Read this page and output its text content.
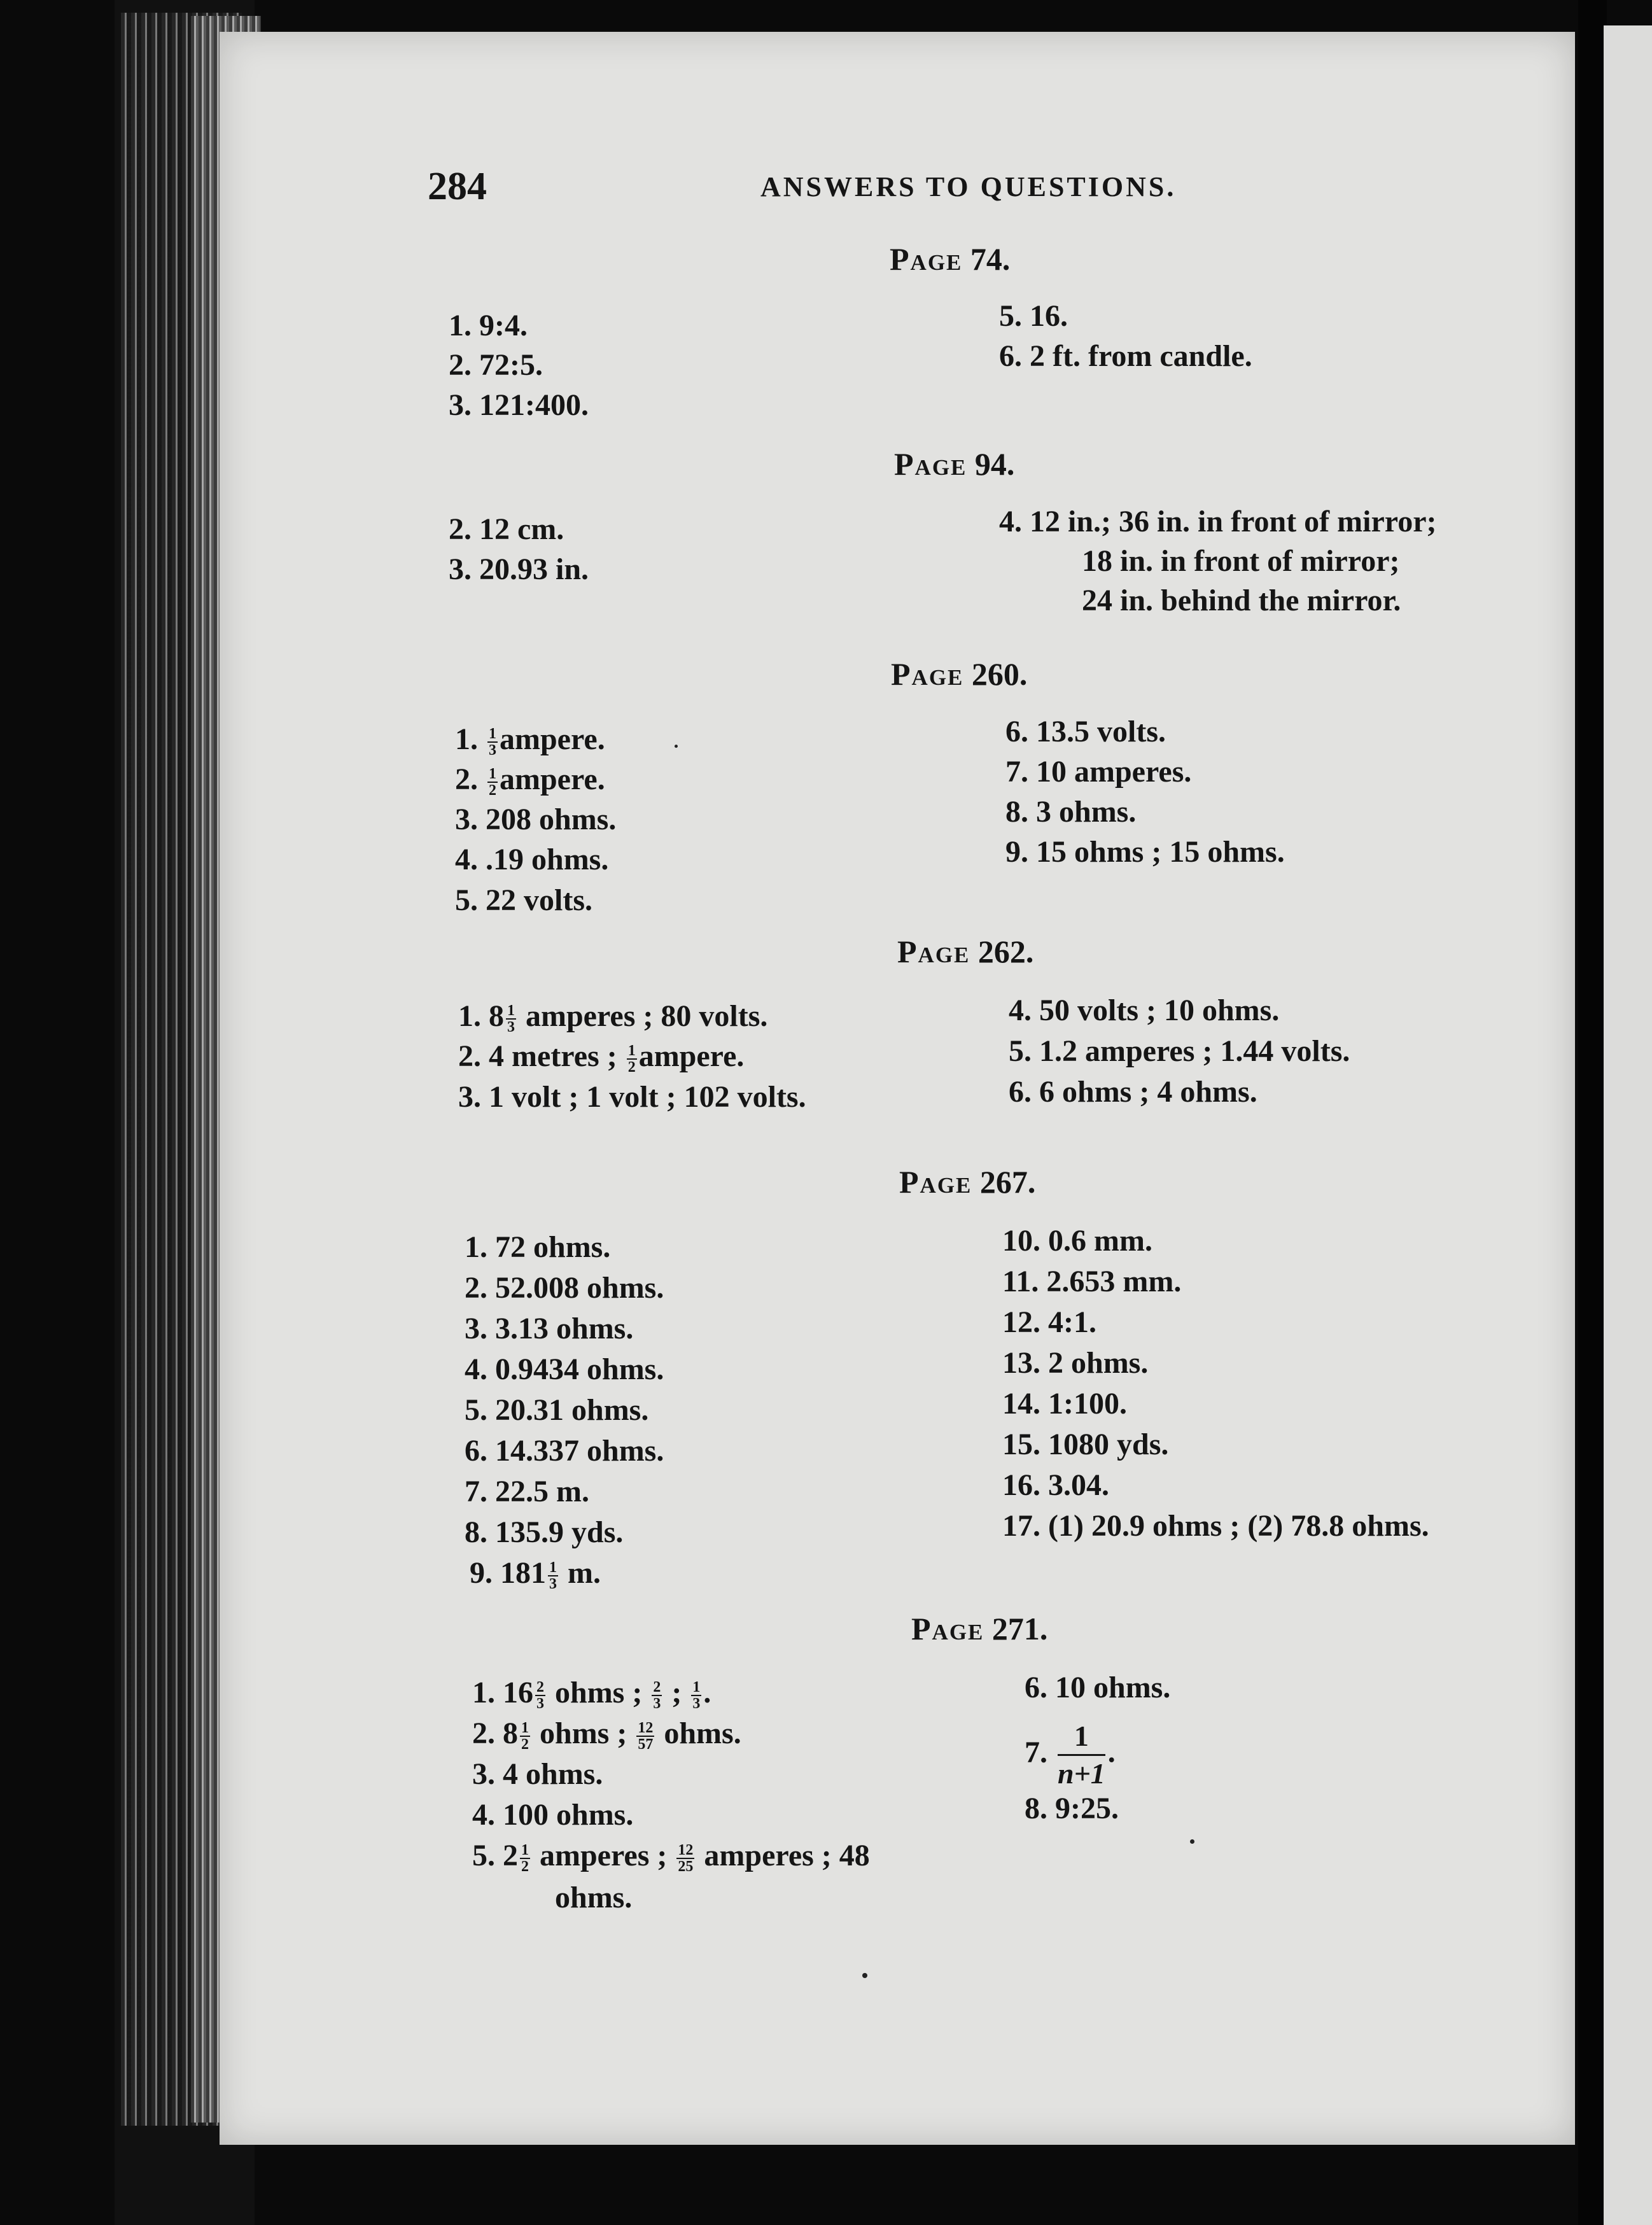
284	ANSWERS TO QUESTIONS.
Page 74.
1. 9:4.
2. 72:5.
3. 121:400.
5. 16.
6. 2 ft. from candle.
Page 94.
2. 12 cm.
3. 20.93 in.
4. 12 in.; 36 in. in front of mirror;
18 in. in front of mirror;
24 in. behind the mirror.
Page 260.
1. $\frac{1}{3}$ ampere.
2. $\frac{1}{2}$ ampere.
3. 208 ohms.
4. .19 ohms.
5. 22 volts.
6. 13.5 volts.
7. 10 amperes.
8. 3 ohms.
9. 15 ohms ; 15 ohms.
Page 262.
1. $8 \frac{1}{3}$ amperes ; 80 volts.
2. 4 metres ; $\frac{1}{2}$ ampere.
3. 1 volt ; 1 volt ; 102 volts.
4. 50 volts ; 10 ohms.
5. 1.2 amperes ; 1.44 volts.
6. 6 ohms ; 4 ohms.
Page 267.
1. 72 ohms.
2. 52.008 ohms.
3. 3.13 ohms.
4. 0.9434 ohms.
5. 20.31 ohms.
6. 14.337 ohms.
7. 22.5 m.
8. 135.9 yds.
9. $181 \frac{1}{3} m$.
10. 0.6 mm.
11. 2.653 mm.
12. 4:1.
13. 2 ohms.
14. 1:100.
15. 1080 yds.
16. 3.04.
17. (1) 20.9 ohms ; (2) 78.8 ohms.
Page 271.
1. $16 \frac{2}{3}$ ohms ; $\frac{2}{3}$ ; $\frac{1}{3}$ .
2. $8 \frac{1}{2}$ ohms ; $\frac{12}{57}$ ohms.
3. 4 ohms.
4. 100 ohms.
5. $2 \frac{1}{2}$ amperes ; $\frac{12}{25}$ amperes ; 48
ohms.
6. 10 ohms.
7. $\frac{1}{n+1}$ .
8. 9:25.
